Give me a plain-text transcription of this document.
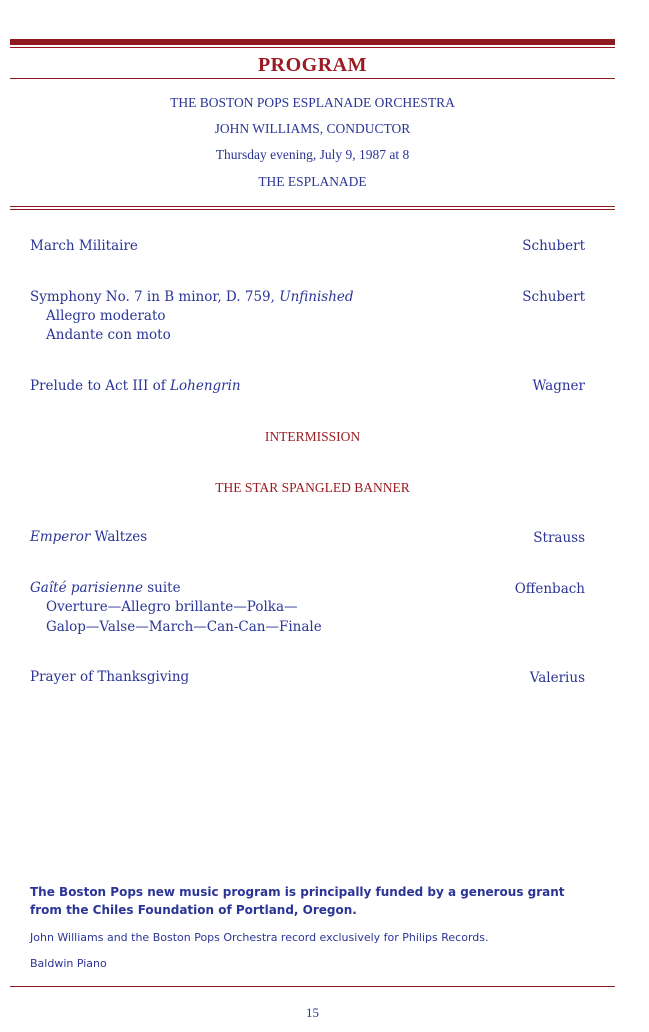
PROGRAM
THE BOSTON POPS ESPLANADE ORCHESTRA
JOHN WILLIAMS, CONDUCTOR
Thursday evening, July 9, 1987 at 8
THE ESPLANADE
March Militaire	Schubert
Symphony No. 7 in B minor, D. 759, Unfinished	Schubert
Allegro moderato
Andante con moto
Prelude to Act III of Lohengrin	Wagner
INTERMISSION
THE STAR SPANGLED BANNER
Emperor Waltzes	Strauss
Gaîté parisienne suite	Offenbach
Overture—Allegro brillante—Polka—
Galop—Valse—March—Can-Can—Finale
Prayer of Thanksgiving	Valerius
The Boston Pops new music program is principally funded by a generous grant from the Chiles Foundation of Portland, Oregon.
John Williams and the Boston Pops Orchestra record exclusively for Philips Records.
Baldwin Piano
15
